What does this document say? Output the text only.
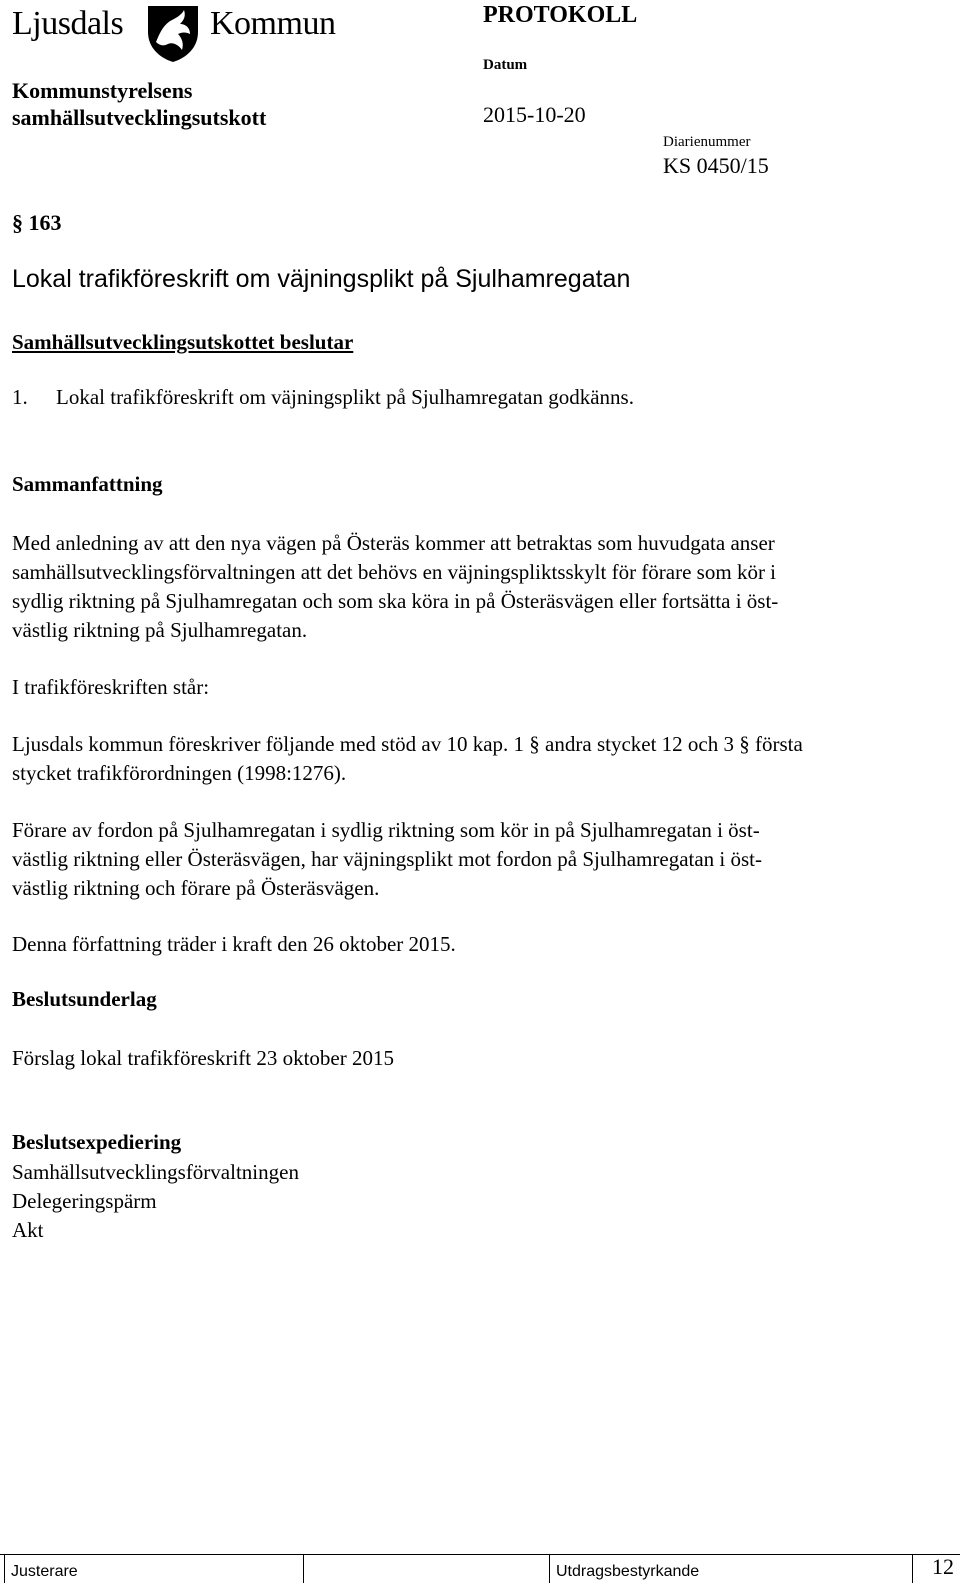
Ljusdals	Kommun	PROTOKOLL
Datum
2015-10-20
Kommunstyrelsens
samhällsutvecklingsutskott
Diarienummer
KS 0450/15
§ 163
Lokal trafikföreskrift om väjningsplikt på Sjulhamregatan
Samhällsutvecklingsutskottet beslutar
1. Lokal trafikföreskrift om väjningsplikt på Sjulhamregatan godkänns.
Sammanfattning
Med anledning av att den nya vägen på Österäs kommer att betraktas som huvudgata anser
samhällsutvecklingsförvaltningen att det behövs en väjningspliktsskylt för förare som kör i
sydlig riktning på Sjulhamregatan och som ska köra in på Österäsvägen eller fortsätta i öst-
västlig riktning på Sjulhamregatan.
I trafikföreskriften står:
Ljusdals kommun föreskriver följande med stöd av 10 kap. 1 § andra stycket 12 och 3 § första
stycket trafikförordningen (1998:1276).
Förare av fordon på Sjulhamregatan i sydlig riktning som kör in på Sjulhamregatan i öst-
västlig riktning eller Österäsvägen, har väjningsplikt mot fordon på Sjulhamregatan i öst-
västlig riktning och förare på Österäsvägen.
Denna författning träder i kraft den 26 oktober 2015.
Beslutsunderlag
Förslag lokal trafikföreskrift 23 oktober 2015
Beslutsexpediering
Samhällsutvecklingsförvaltningen
Delegeringspärm
Akt
Justerare	Utdragsbestyrkande	12
